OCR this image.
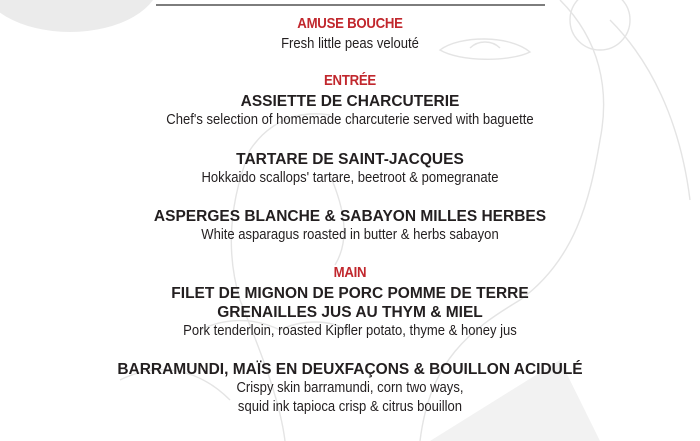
AMUSE BOUCHE
Fresh little peas velouté
ENTRÉE
ASSIETTE DE CHARCUTERIE
Chef's selection of homemade charcuterie served with baguette
TARTARE DE SAINT-JACQUES
Hokkaido scallops' tartare, beetroot & pomegranate
ASPERGES BLANCHE & SABAYON MILLES HERBES
White asparagus roasted in butter & herbs sabayon
MAIN
FILET DE MIGNON DE PORC POMME DE TERRE
GRENAILLES JUS AU THYM & MIEL
Pork tenderloin, roasted Kipfler potato, thyme & honey jus
BARRAMUNDI, MAÏS EN DEUXFAÇONS & BOUILLON ACIDULÉ
Crispy skin barramundi, corn two ways,
squid ink tapioca crisp & citrus bouillon
